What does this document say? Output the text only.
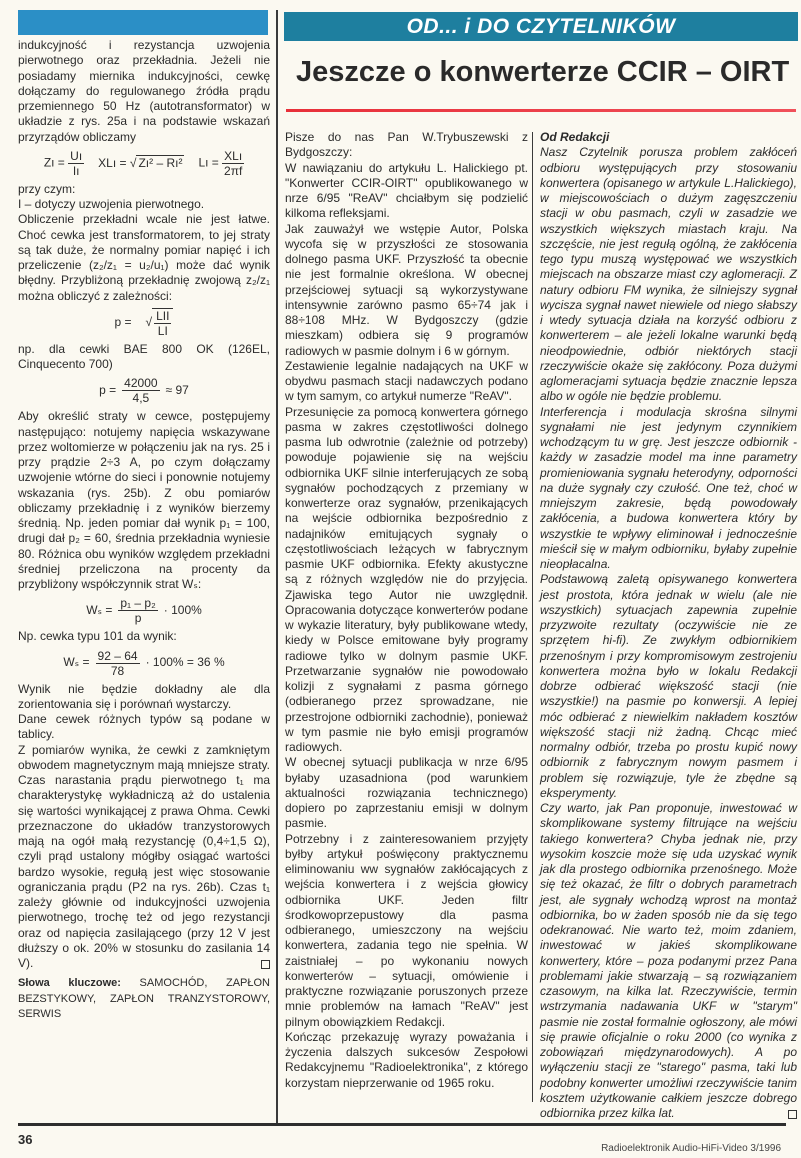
OD... i DO CZYTELNIKÓW
Jeszcze o konwerterze CCIR – OIRT

indukcyjność i rezystancja uzwojenia pierwotnego oraz przekładnia. Jeżeli nie posiadamy miernika indukcyjności, cewkę dołączamy do regulowanego źródła prądu przemiennego 50 Hz (autotransformator) w układzie z rys. 25a i na podstawie wskazań przyrządów obliczamy

Zı = $\frac{Uı}{Iı}$ XLı = √ Zı² – Rı² Lı = $\frac{\text{XLı}}{2\pi f}$

przy czym:

I – dotyczy uzwojenia pierwotnego.

Obliczenie przekładni wcale nie jest łatwe. Choć cewka jest transformatorem, to jej straty są tak duże, że normalny pomiar napięć i ich przeliczenie (z₂/z₁ = u₂/u₁) może dać wynik błędny. Przybliżoną przekładnię zwojową z₂/z₁ można obliczyć z zależności:

p = √ $\frac{\text{LII}}{LI}$

np. dla cewki BAE 800 OK (126EL, Cinquecento 700)

$p = \frac{42000}{4,5} \approx 97$

Aby określić straty w cewce, postępujemy następująco: notujemy napięcia wskazywane przez woltomierze w połączeniu jak na rys. 25 i przy prądzie 2÷3 A, po czym dołączamy uzwojenie wtórne do sieci i ponownie notujemy wskazania (rys. 25b). Z obu pomiarów obliczamy przekładnię i z wyników bierzemy średnią. Np. jeden pomiar dał wynik p₁ = 100, drugi dał p₂ = 60, średnia przekładnia wyniesie 80. Różnica obu wyników względem przekładni średniej przeliczona na procenty da przybliżony współczynnik strat Wₛ:

$W_s = \frac{\text{p₁ – p₂}}{p} \cdot 100\%$

Np. cewka typu 101 da wynik:

$W_s = \frac{92 - 64}{78} \cdot 100\% = 36$ %

Wynik nie będzie dokładny ale dla zorientowania się i porównań wystarczy.

Dane cewek różnych typów są podane w tablicy.

Z pomiarów wynika, że cewki z zamkniętym obwodem magnetycznym mają mniejsze straty. Czas narastania prądu pierwotnego t₁ ma charakterystykę wykładniczą aż do ustalenia się wartości wynikającej z prawa Ohma. Cewki przeznaczone do układów tranzystorowych mają na ogół małą rezystancję (0,4÷1,5 Ω), czyli prąd ustalony mógłby osiągać wartości bardzo wysokie, regułą jest więc stosowanie ograniczania prądu (P2 na rys. 26b). Czas t₁ zależy głównie od indukcyjności uzwojenia pierwotnego, trochę też od jego rezystancji oraz od napięcia zasilającego (przy 12 V jest dłuższy o ok. 20% w stosunku do zasilania 14 V).

Słowa kluczowe: SAMOCHÓD, ZAPŁON BEZSTYKOWY, ZAPŁON TRANZYSTOROWY, SERWIS

Pisze do nas Pan W.Trybuszewski z Bydgoszczy:

W nawiązaniu do artykułu L. Halickiego pt. "Konwerter CCIR-OIRT" opublikowanego w nrze 6/95 "ReAV" chciałbym się podzielić kilkoma refleksjami.

Jak zauważył we wstępie Autor, Polska wycofa się w przyszłości ze stosowania dolnego pasma UKF. Przyszłość ta obecnie nie jest formalnie określona. W obecnej przejściowej sytuacji są wykorzystywane intensywnie zarówno pasmo 65÷74 jak i 88÷108 MHz. W Bydgoszczy (gdzie mieszkam) odbiera się 9 programów radiowych w pasmie dolnym i 6 w górnym.

Zestawienie legalnie nadających na UKF w obydwu pasmach stacji nadawczych podano w tym samym, co artykuł numerze "ReAV".

Przesunięcie za pomocą konwertera górnego pasma w zakres częstotliwości dolnego pasma lub odwrotnie (zależnie od potrzeby) powoduje pojawienie się na wejściu odbiornika UKF silnie interferujących ze sobą sygnałów pochodzących z przemiany w konwerterze oraz sygnałów, przenikających na wejście odbiornika bezpośrednio z nadajników emitujących sygnały o częstotliwościach leżących w fabrycznym pasmie UKF odbiornika. Efekty akustyczne są z różnych względów nie do przyjęcia. Zjawiska tego Autor nie uwzględnił. Opracowania dotyczące konwerterów podane w wykazie literatury, były publikowane wtedy, kiedy w Polsce emitowane były programy radiowe tylko w dolnym pasmie UKF. Przetwarzanie sygnałów nie powodowało kolizji z sygnałami z pasma górnego (odbieranego przez sprowadzane, nie przestrojone odbiorniki zachodnie), ponieważ w tym pasmie nie było emisji programów radiowych.

W obecnej sytuacji publikacja w nrze 6/95 byłaby uzasadniona (pod warunkiem aktualności rozwiązania technicznego) dopiero po zaprzestaniu emisji w dolnym pasmie.

Potrzebny i z zainteresowaniem przyjęty byłby artykuł poświęcony praktycznemu eliminowaniu ww sygnałów zakłócających z wejścia konwertera i z wejścia głowicy odbiornika UKF. Jeden filtr środkowoprzepustowy dla pasma odbieranego, umieszczony na wejściu konwertera, zadania tego nie spełnia. W zaistniałej – po wykonaniu nowych konwerterów – sytuacji, omówienie i praktyczne rozwiązanie poruszonych przeze mnie problemów na łamach "ReAV" jest pilnym obowiązkiem Redakcji.

Kończąc przekazuję wyrazy poważania i życzenia dalszych sukcesów Zespołowi Redakcyjnemu "Radioelektronika", z którego korzystam nieprzerwanie od 1965 roku.

Od Redakcji

Nasz Czytelnik porusza problem zakłóceń odbioru występujących przy stosowaniu konwertera (opisanego w artykule L.Halickiego), w miejscowościach o dużym zagęszczeniu stacji w obu pasmach, czyli w zasadzie we wszystkich większych miastach kraju. Na szczęście, nie jest regułą ogólną, że zakłócenia tego typu muszą występować we wszystkich miejscach na obszarze miast czy aglomeracji. Z natury odbioru FM wynika, że silniejszy sygnał wycisza sygnał nawet niewiele od niego słabszy i wtedy sytuacja działa na korzyść odbioru z konwerterem – ale jeżeli lokalne warunki będą nieodpowiednie, odbiór niektórych stacji rzeczywiście okaże się zakłócony. Poza dużymi aglomeracjami sytuacja będzie znacznie lepsza albo w ogóle nie będzie problemu.

Interferencja i modulacja skrośna silnymi sygnałami nie jest jedynym czynnikiem wchodzącym tu w grę. Jest jeszcze odbiornik - każdy w zasadzie model ma inne parametry promieniowania sygnału heterodyny, odporności na duże sygnały czy czułość. One też, choć w mniejszym zakresie, będą powodowały zakłócenia, a budowa konwertera który by wszystkie te wpływy eliminował i jednocześnie mieścił się w małym odbiorniku, byłaby zupełnie nieopłacalna.

Podstawową zaletą opisywanego konwertera jest prostota, która jednak w wielu (ale nie wszystkich) sytuacjach zapewnia zupełnie przyzwoite rezultaty (oczywiście nie ze sprzętem hi-fi). Ze zwykłym odbiornikiem przenośnym i przy kompromisowym zestrojeniu konwertera można było w lokalu Redakcji dobrze odbierać większość stacji (nie wszystkie!) na pasmie po konwersji. A lepiej móc odbierać z niewielkim nakładem kosztów większość stacji niż żadną. Chcąc mieć normalny odbiór, trzeba po prostu kupić nowy odbiornik z fabrycznym nowym pasmem i problem się rozwiązuje, tyle że zbędne są eksperymenty.

Czy warto, jak Pan proponuje, inwestować w skomplikowane systemy filtrujące na wejściu takiego konwertera? Chyba jednak nie, przy wysokim koszcie może się uda uzyskać wynik jak dla prostego odbiornika przenośnego. Może się też okazać, że filtr o dobrych parametrach jest, ale sygnały wchodzą wprost na montaż odbiornika, bo w żaden sposób nie da się tego odekranować. Nie warto też, moim zdaniem, inwestować w jakieś skomplikowane konwertery, które – poza podanymi przez Pana problemami jakie stwarzają – są rozwiązaniem czasowym, na kilka lat. Rzeczywiście, termin wstrzymania nadawania UKF w "starym" pasmie nie został formalnie ogłoszony, ale mówi się prawie oficjalnie o roku 2000 (co wynika z zobowiązań międzynarodowych). A po wyłączeniu stacji ze "starego" pasma, taki lub podobny konwerter umożliwi rzeczywiście tanim kosztem użytkowanie całkiem jeszcze dobrego odbiornika przez kilka lat.

36
Radioelektronik Audio-HiFi-Video 3/1996
